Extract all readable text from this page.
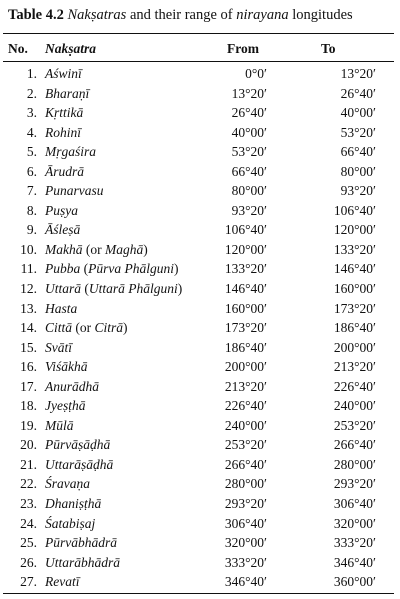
Table 4.2 Nakṣatras and their range of nirayana longitudes
No. Nakṣatra	From	To
1. Aświnī	0°0′	13°20′
2. Bharaṇī	13°20′	26°40′
3. Kṛttikā	26°40′	40°00′
4. Rohinī	40°00′	53°20′
5. Mṛgaśira	53°20′	66°40′
6. Ārudrā	66°40′	80°00′
7. Punarvasu	80°00′	93°20′
8. Puṣya	93°20′	106°40′
9. Āśleṣā	106°40′	120°00′
10. Makhā (or Maghā)	120°00′	133°20′
11. Pubba (Pūrva Phālguni)	133°20′	146°40′
12. Uttarā (Uttarā Phālguni)	146°40′	160°00′
13. Hasta	160°00′	173°20′
14. Cittā (or Citrā)	173°20′	186°40′
15. Svātī	186°40′	200°00′
16. Viśākhā	200°00′	213°20′
17. Anurādhā	213°20′	226°40′
18. Jyeṣṭhā	226°40′	240°00′
19. Mūlā	240°00′	253°20′
20. Pūrvāṣāḍhā	253°20′	266°40′
21. Uttarāṣāḍhā	266°40′	280°00′
22. Śravaṇa	280°00′	293°20′
23. Dhaniṣṭhā	293°20′	306°40′
24. Śatabiṣaj	306°40′	320°00′
25. Pūrvābhādrā	320°00′	333°20′
26. Uttarābhādrā	333°20′	346°40′
27. Revatī	346°40′	360°00′
